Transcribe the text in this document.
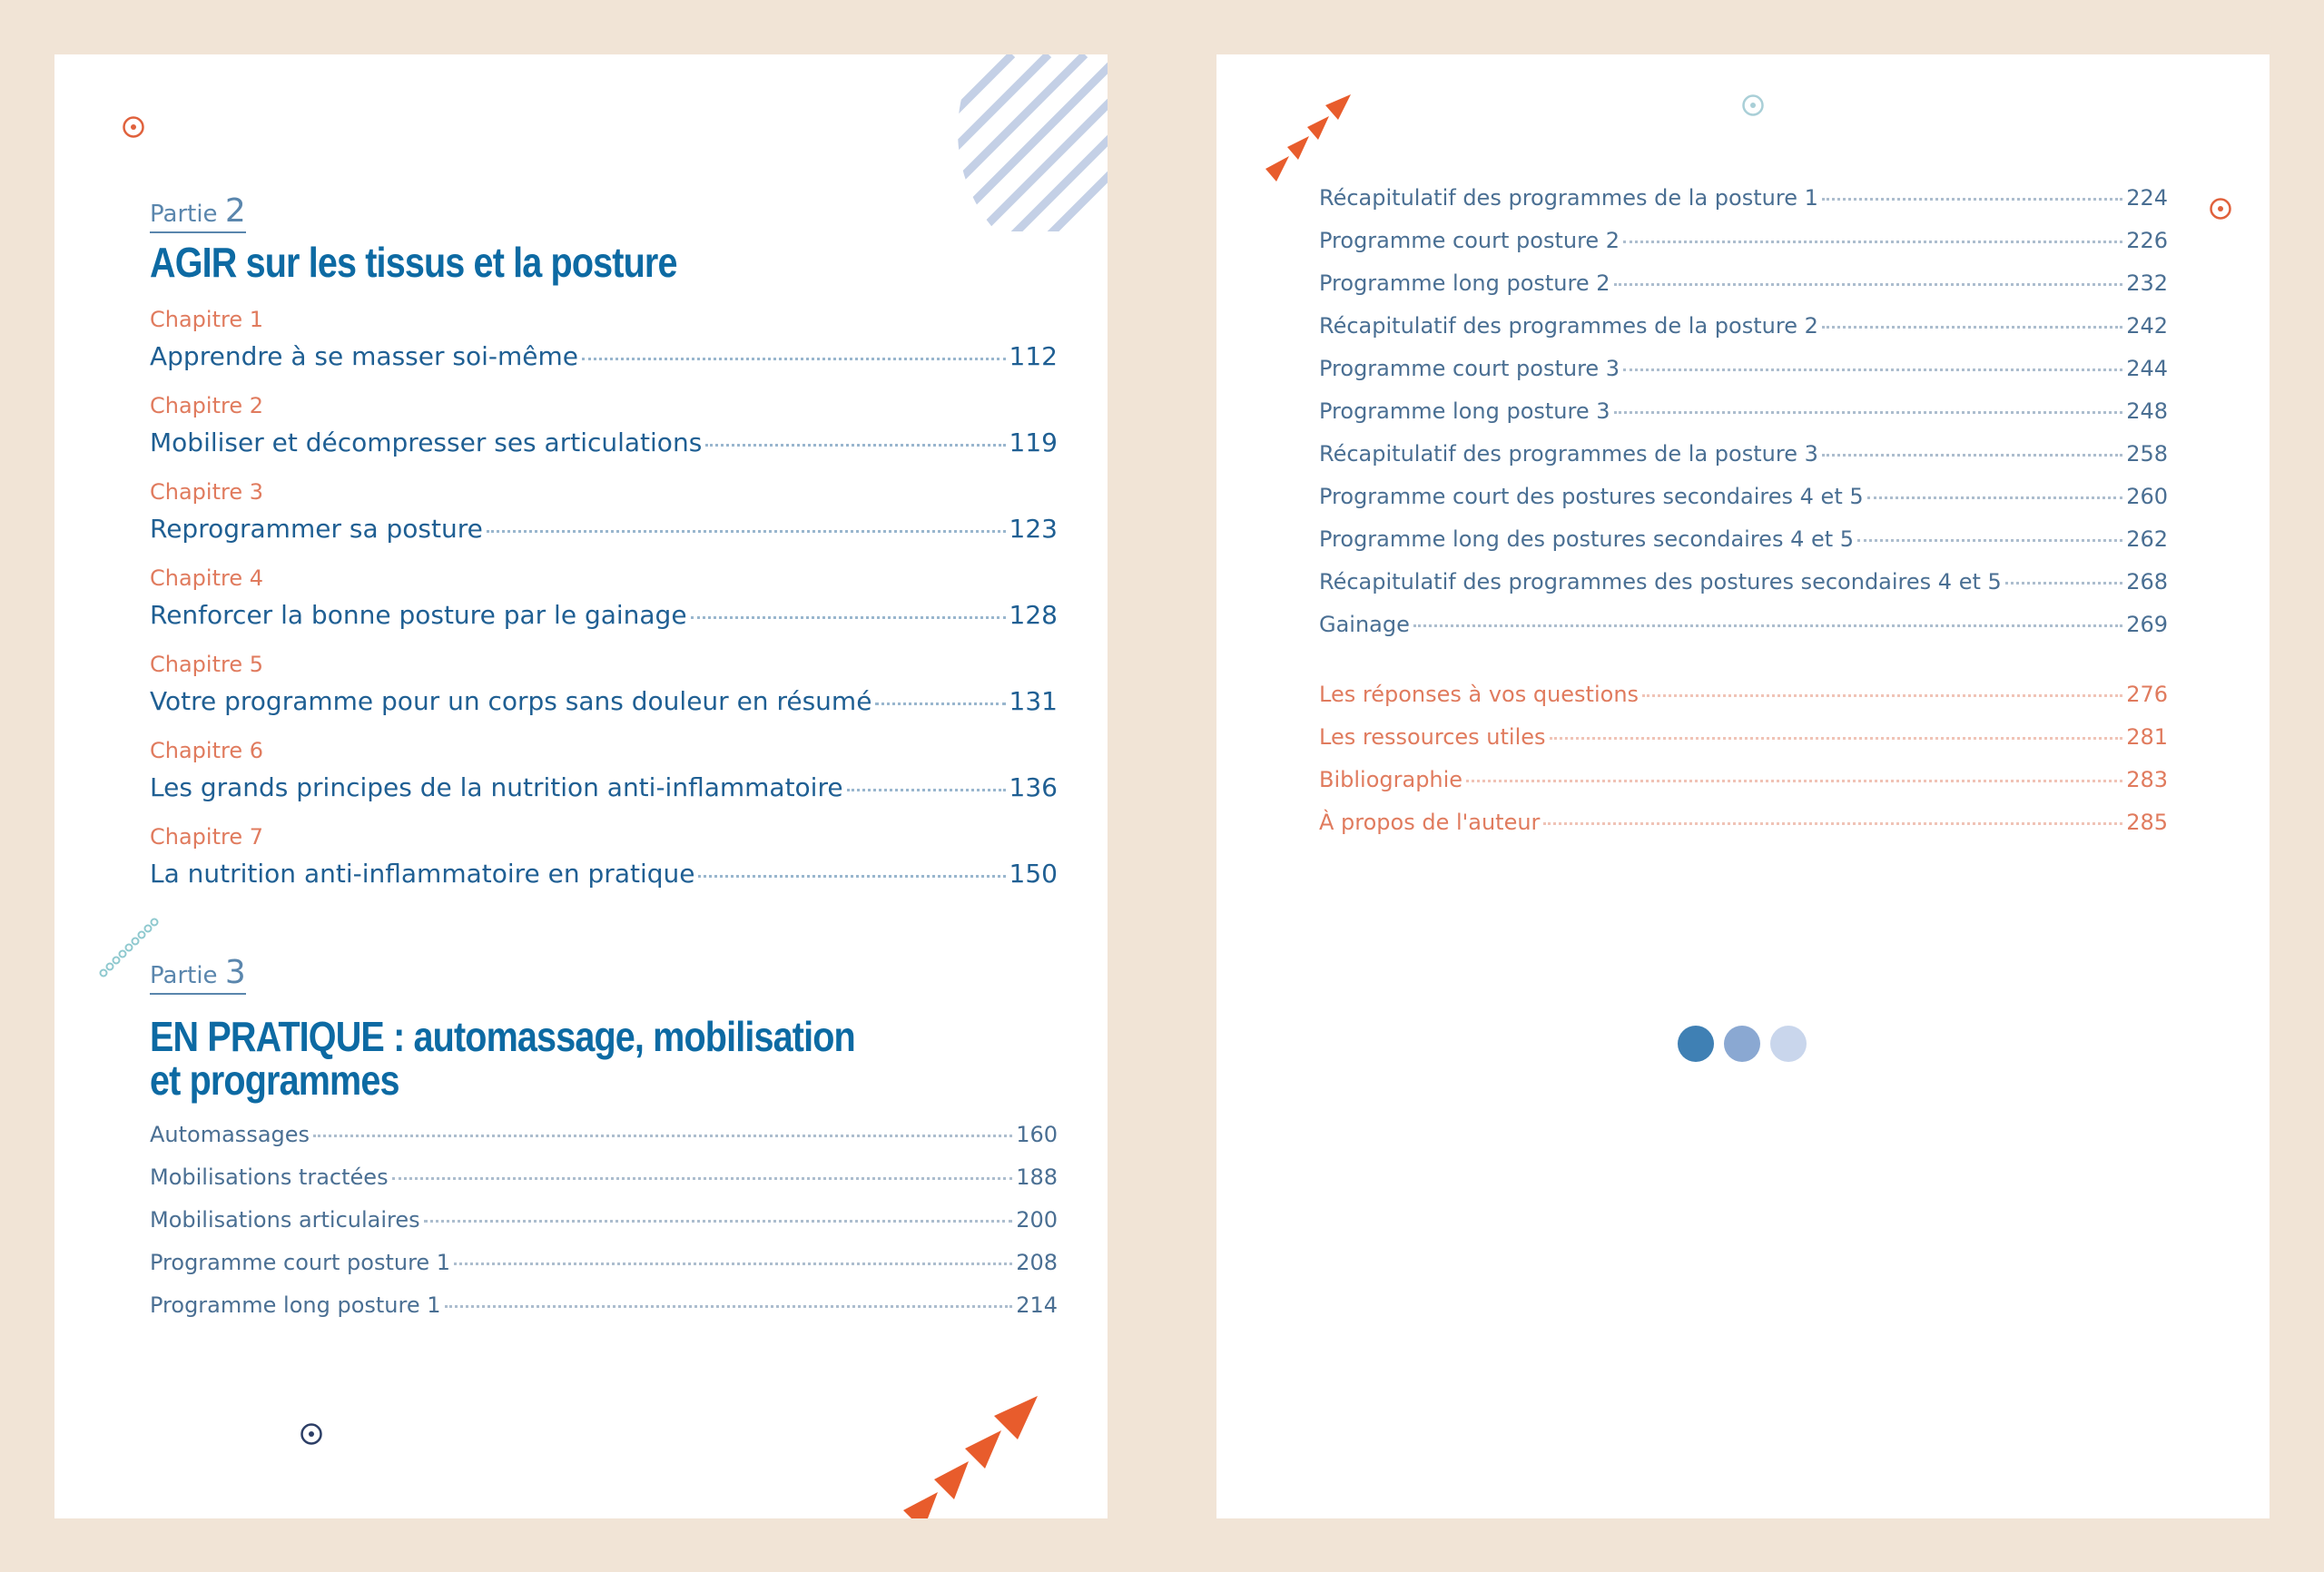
Partie 2
AGIR sur les tissus et la posture
Chapitre 1
Apprendre à se masser soi-même	112
Chapitre 2
Mobiliser et décompresser ses articulations	119
Chapitre 3
Reprogrammer sa posture	123
Chapitre 4
Renforcer la bonne posture par le gainage	128
Chapitre 5
Votre programme pour un corps sans douleur en résumé	131
Chapitre 6
Les grands principes de la nutrition anti-inflammatoire	136
Chapitre 7
La nutrition anti-inflammatoire en pratique	150
Partie 3
EN PRATIQUE : automassage, mobilisation
et programmes
Automassages	160
Mobilisations tractées	188
Mobilisations articulaires	200
Programme court posture 1	208
Programme long posture 1	214
Récapitulatif des programmes de la posture 1	224
Programme court posture 2	226
Programme long posture 2	232
Récapitulatif des programmes de la posture 2	242
Programme court posture 3	244
Programme long posture 3	248
Récapitulatif des programmes de la posture 3	258
Programme court des postures secondaires 4 et 5	260
Programme long des postures secondaires 4 et 5	262
Récapitulatif des programmes des postures secondaires 4 et 5	268
Gainage	269
Les réponses à vos questions	276
Les ressources utiles	281
Bibliographie	283
À propos de l'auteur	285
